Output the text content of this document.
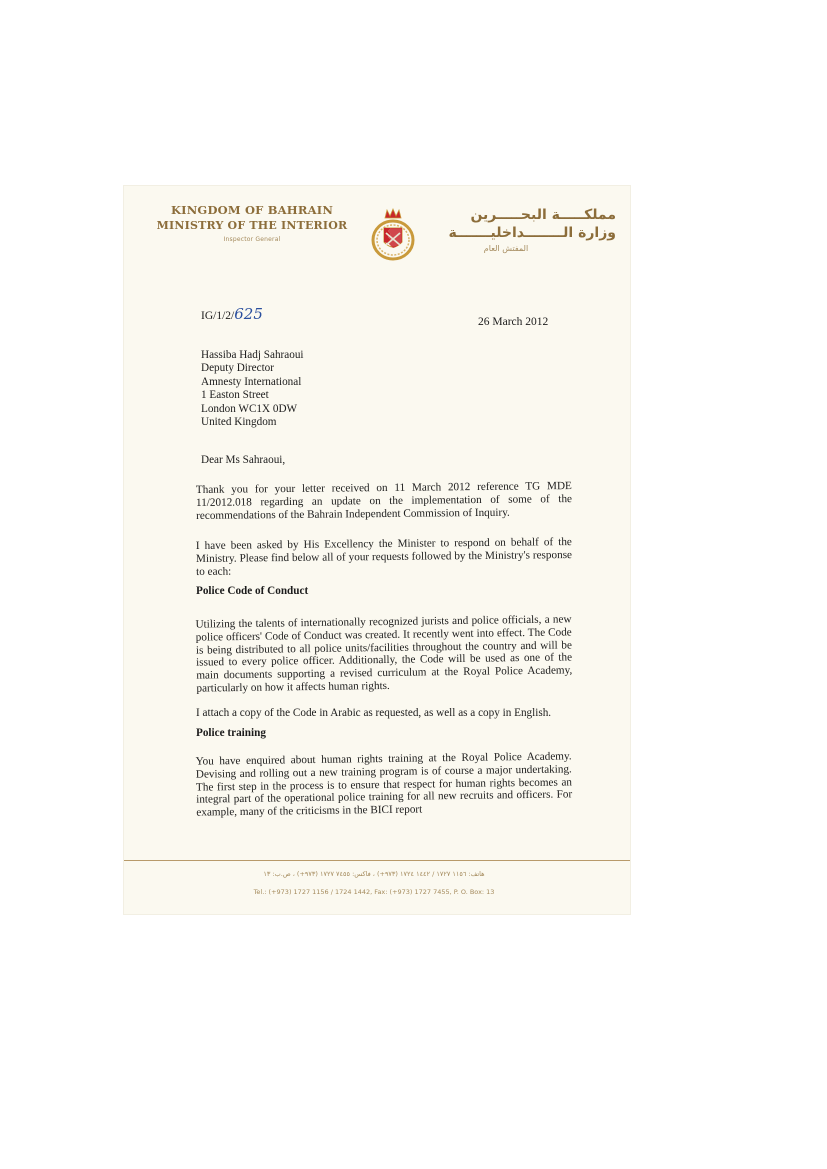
KINGDOM OF BAHRAIN
MINISTRY OF THE INTERIOR
Inspector General
مملكـــــة البحـــــرين
وزارة الــــــــداخليـــــــة
المفتش العام
IG/1/2/625	26 March 2012
Hassiba Hadj Sahraoui
Deputy Director
Amnesty International
1 Easton Street
London WC1X 0DW
United Kingdom
Dear Ms Sahraoui,
Thank you for your letter received on 11 March 2012 reference TG MDE 11/2012.018 regarding an update on the implementation of some of the recommendations of the Bahrain Independent Commission of Inquiry.
I have been asked by His Excellency the Minister to respond on behalf of the Ministry. Please find below all of your requests followed by the Ministry's response to each:
Police Code of Conduct
Utilizing the talents of internationally recognized jurists and police officials, a new police officers' Code of Conduct was created. It recently went into effect. The Code is being distributed to all police units/facilities throughout the country and will be issued to every police officer. Additionally, the Code will be used as one of the main documents supporting a revised curriculum at the Royal Police Academy, particularly on how it affects human rights.
I attach a copy of the Code in Arabic as requested, as well as a copy in English.
Police training
You have enquired about human rights training at the Royal Police Academy. Devising and rolling out a new training program is of course a major undertaking. The first step in the process is to ensure that respect for human rights becomes an integral part of the operational police training for all new recruits and officers. For example, many of the criticisms in the BICI report
هاتف: ١١٥٦ ١٧٢٧ / ١٤٤٢ ١٧٢٤ (٩٧٣+) ، فاكس: ٧٤٥٥ ١٧٢٧ (٩٧٣+) ، ص.ب: ١٣
Tel.: (+973) 1727 1156 / 1724 1442, Fax: (+973) 1727 7455, P. O. Box: 13
